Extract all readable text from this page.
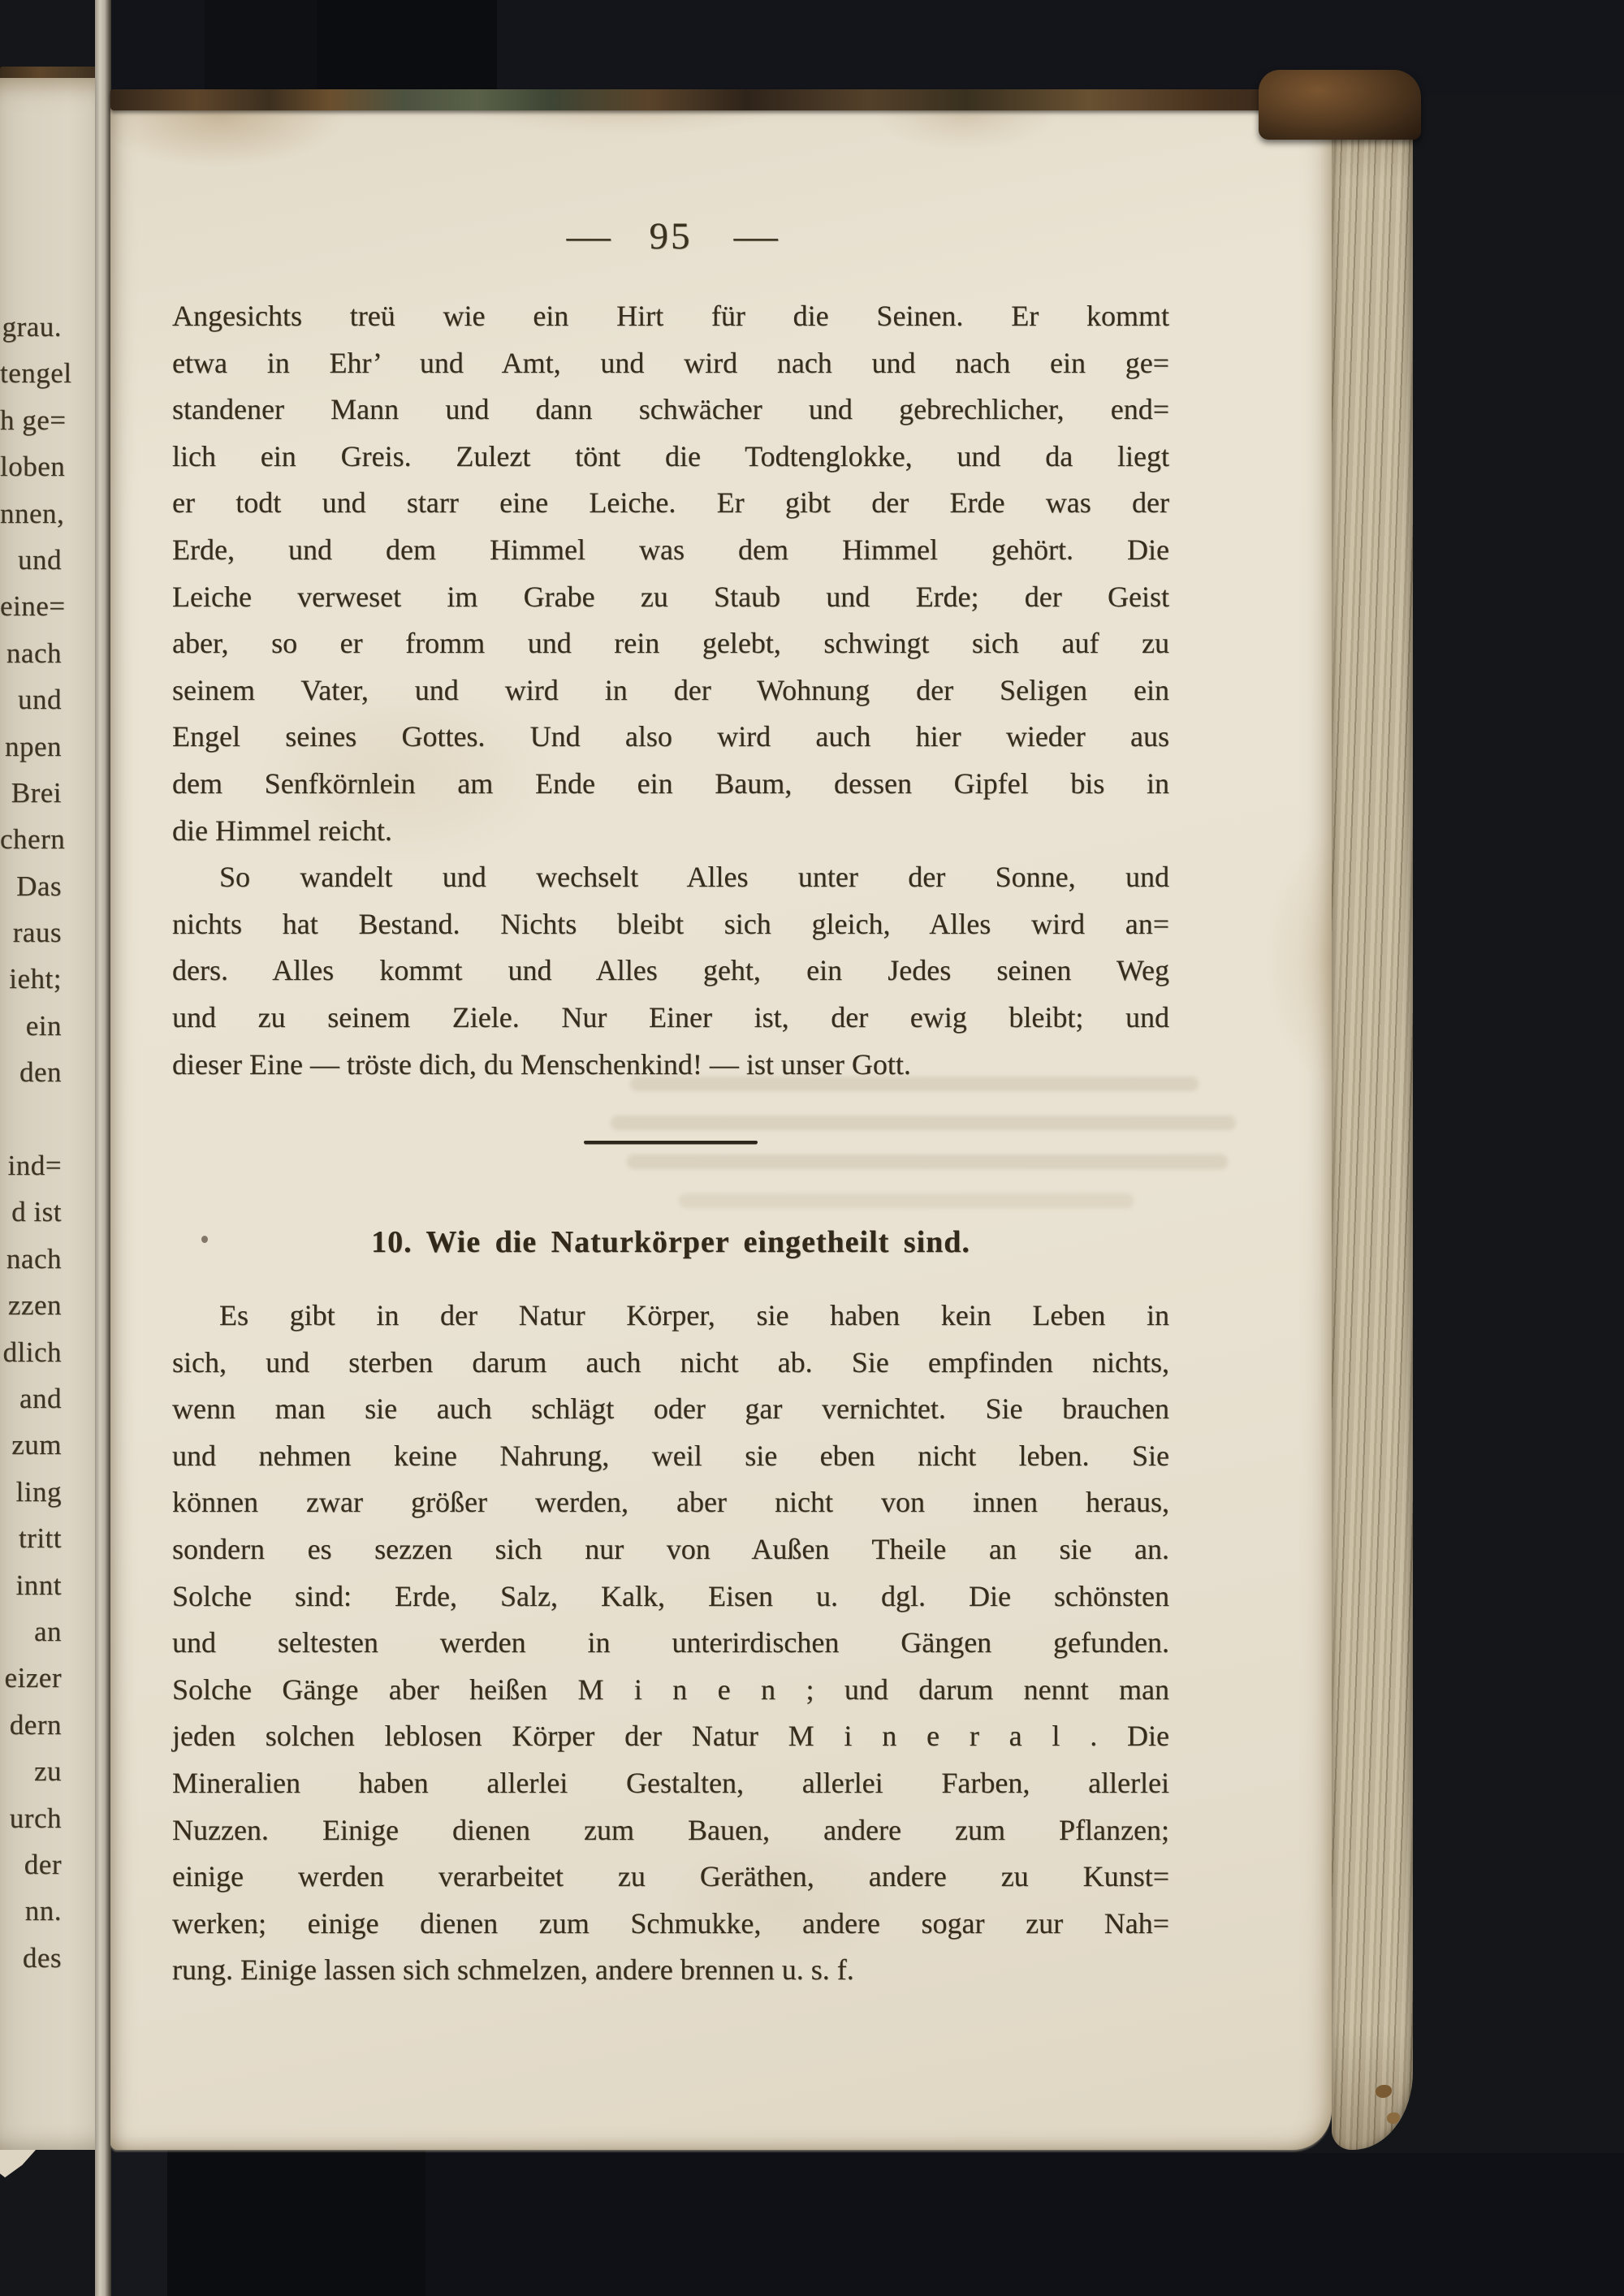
grau.
tengel
h ge=
loben
nnen,
und
eine=
nach
und
npen
Brei
chern
Das
raus
ieht;
ein
den
ind=
d ist
nach
zzen
dlich
and
zum
ling
tritt
innt
an
eizer
dern
zu
urch
der
nn.
des
— 95 —
Angesichts treü wie ein Hirt für die Seinen. Er kommt
etwa in Ehr’ und Amt, und wird nach und nach ein ge=
standener Mann und dann schwächer und gebrechlicher, end=
lich ein Greis. Zulezt tönt die Todtenglokke, und da liegt
er todt und starr eine Leiche. Er gibt der Erde was der
Erde, und dem Himmel was dem Himmel gehört. Die
Leiche verweset im Grabe zu Staub und Erde; der Geist
aber, so er fromm und rein gelebt, schwingt sich auf zu
seinem Vater, und wird in der Wohnung der Seligen ein
Engel seines Gottes. Und also wird auch hier wieder aus
dem Senfkörnlein am Ende ein Baum, dessen Gipfel bis in
die Himmel reicht.
So wandelt und wechselt Alles unter der Sonne, und
nichts hat Bestand. Nichts bleibt sich gleich, Alles wird an=
ders. Alles kommt und Alles geht, ein Jedes seinen Weg
und zu seinem Ziele. Nur Einer ist, der ewig bleibt; und
dieser Eine — tröste dich, du Menschenkind! — ist unser Gott.
10. Wie die Naturkörper eingetheilt sind.
Es gibt in der Natur Körper, sie haben kein Leben in
sich, und sterben darum auch nicht ab. Sie empfinden nichts,
wenn man sie auch schlägt oder gar vernichtet. Sie brauchen
und nehmen keine Nahrung, weil sie eben nicht leben. Sie
können zwar größer werden, aber nicht von innen heraus,
sondern es sezzen sich nur von Außen Theile an sie an.
Solche sind: Erde, Salz, Kalk, Eisen u. dgl. Die schönsten
und seltesten werden in unterirdischen Gängen gefunden.
Solche Gänge aber heißen M i n e n ; und darum nennt man
jeden solchen leblosen Körper der Natur M i n e r a l . Die
Mineralien haben allerlei Gestalten, allerlei Farben, allerlei
Nuzzen. Einige dienen zum Bauen, andere zum Pflanzen;
einige werden verarbeitet zu Geräthen, andere zu Kunst=
werken; einige dienen zum Schmukke, andere sogar zur Nah=
rung. Einige lassen sich schmelzen, andere brennen u. s. f.
